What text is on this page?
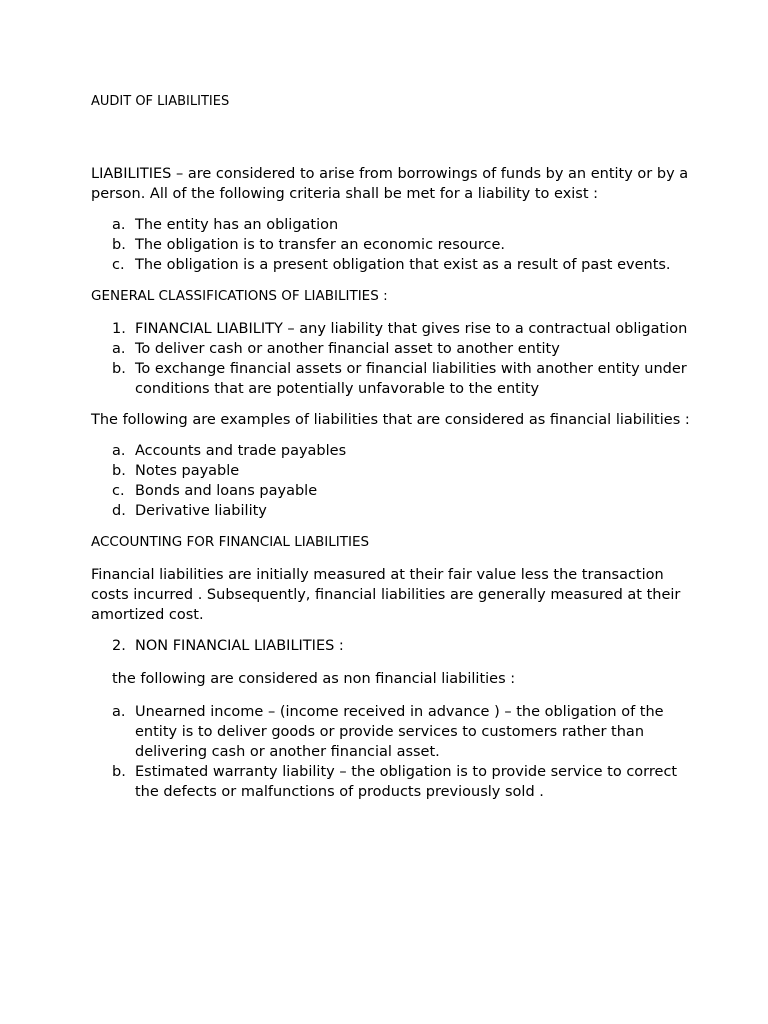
AUDIT OF LIABILITIES

LIABILITIES – are considered to arise from borrowings of funds by an entity or by a person. All of the following criteria shall be met for a liability to exist :

a. The entity has an obligation
b. The obligation is to transfer an economic resource.
c. The obligation is a present obligation that exist as a result of past events.

GENERAL CLASSIFICATIONS OF LIABILITIES :

1. FINANCIAL LIABILITY – any liability that gives rise to a contractual obligation
a. To deliver cash or another financial asset to another entity
b. To exchange financial assets or financial liabilities with another entity under conditions that are potentially unfavorable to the entity

The following are examples of liabilities that are considered as financial liabilities :

a. Accounts and trade payables
b. Notes payable
c. Bonds and loans payable
d. Derivative liability

ACCOUNTING FOR FINANCIAL LIABILITIES

Financial liabilities are initially measured at their fair value less the transaction costs incurred . Subsequently, financial liabilities are generally measured at their amortized cost.

2. NON FINANCIAL LIABILITIES :

the following are considered as non financial liabilities :

a. Unearned income – (income received in advance ) – the obligation of the entity is to deliver goods or provide services to customers rather than delivering cash or another financial asset.
b. Estimated warranty liability – the obligation is to provide service to correct the defects or malfunctions of products previously sold .
